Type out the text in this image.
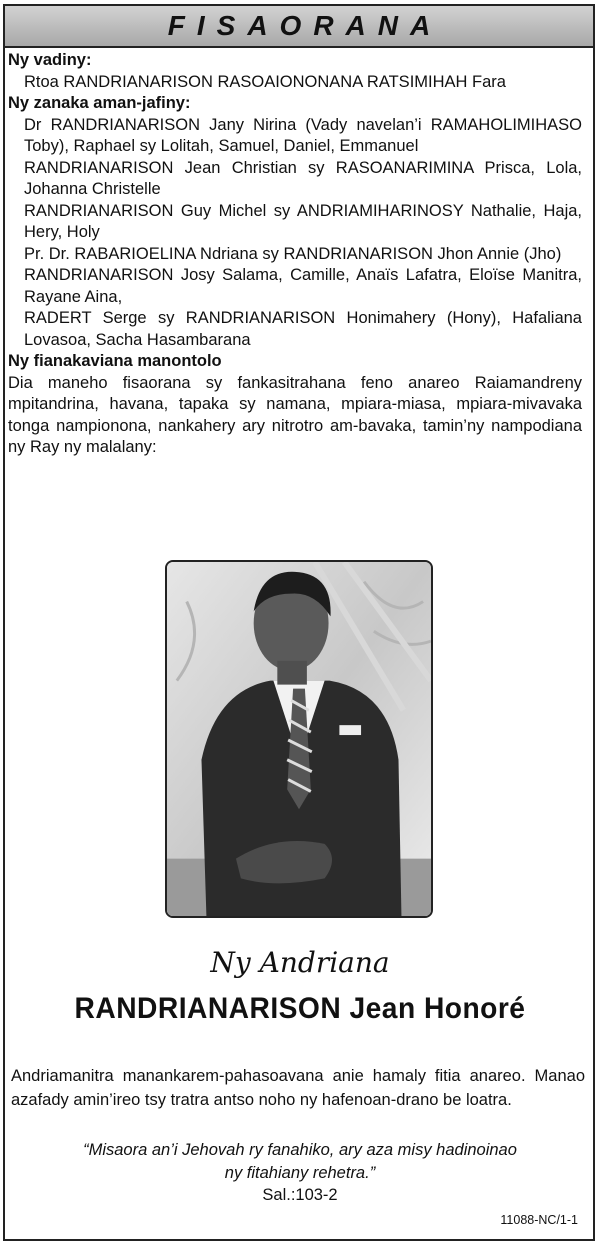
FISAORANA
Ny vadiny:
Rtoa RANDRIANARISON RASOAIONONANA RATSIMIHAH Fara
Ny zanaka aman-jafiny:
Dr RANDRIANARISON Jany Nirina (Vady navelan’i RAMAHOLIMIHASO Toby), Raphael sy Lolitah, Samuel, Daniel, Emmanuel
RANDRIANARISON Jean Christian sy RASOANARIMINA Prisca, Lola, Johanna Christelle
RANDRIANARISON Guy Michel sy ANDRIAMIHARINOSY Nathalie, Haja, Hery, Holy
Pr. Dr. RABARIOELINA Ndriana sy RANDRIANARISON Jhon Annie (Jho)
RANDRIANARISON Josy Salama, Camille, Anaïs Lafatra, Eloïse Manitra, Rayane Aina,
RADERT Serge sy RANDRIANARISON Honimahery (Hony), Hafaliana Lovasoa, Sacha Hasambarana
Ny fianakaviana manontolo
Dia maneho fisaorana sy fankasitrahana feno anareo Raiamandreny mpitandrina, havana, tapaka sy namana, mpiara-miasa, mpiara-mivavaka tonga nampionona, nankahery ary nitrotro am-bavaka, tamin’ny nampodiana ny Ray ny malalany:
Ny Andriana
RANDRIANARISON Jean Honoré
Andriamanitra manankarem-pahasoavana anie hamaly fitia anareo. Manao azafady amin’ireo tsy tratra antso noho ny hafenoan-drano be loatra.
“Misaora an’i Jehovah ry fanahiko, ary aza misy hadinoinao
ny fitahiany rehetra.”
Sal.:103-2
11088-NC/1-1
